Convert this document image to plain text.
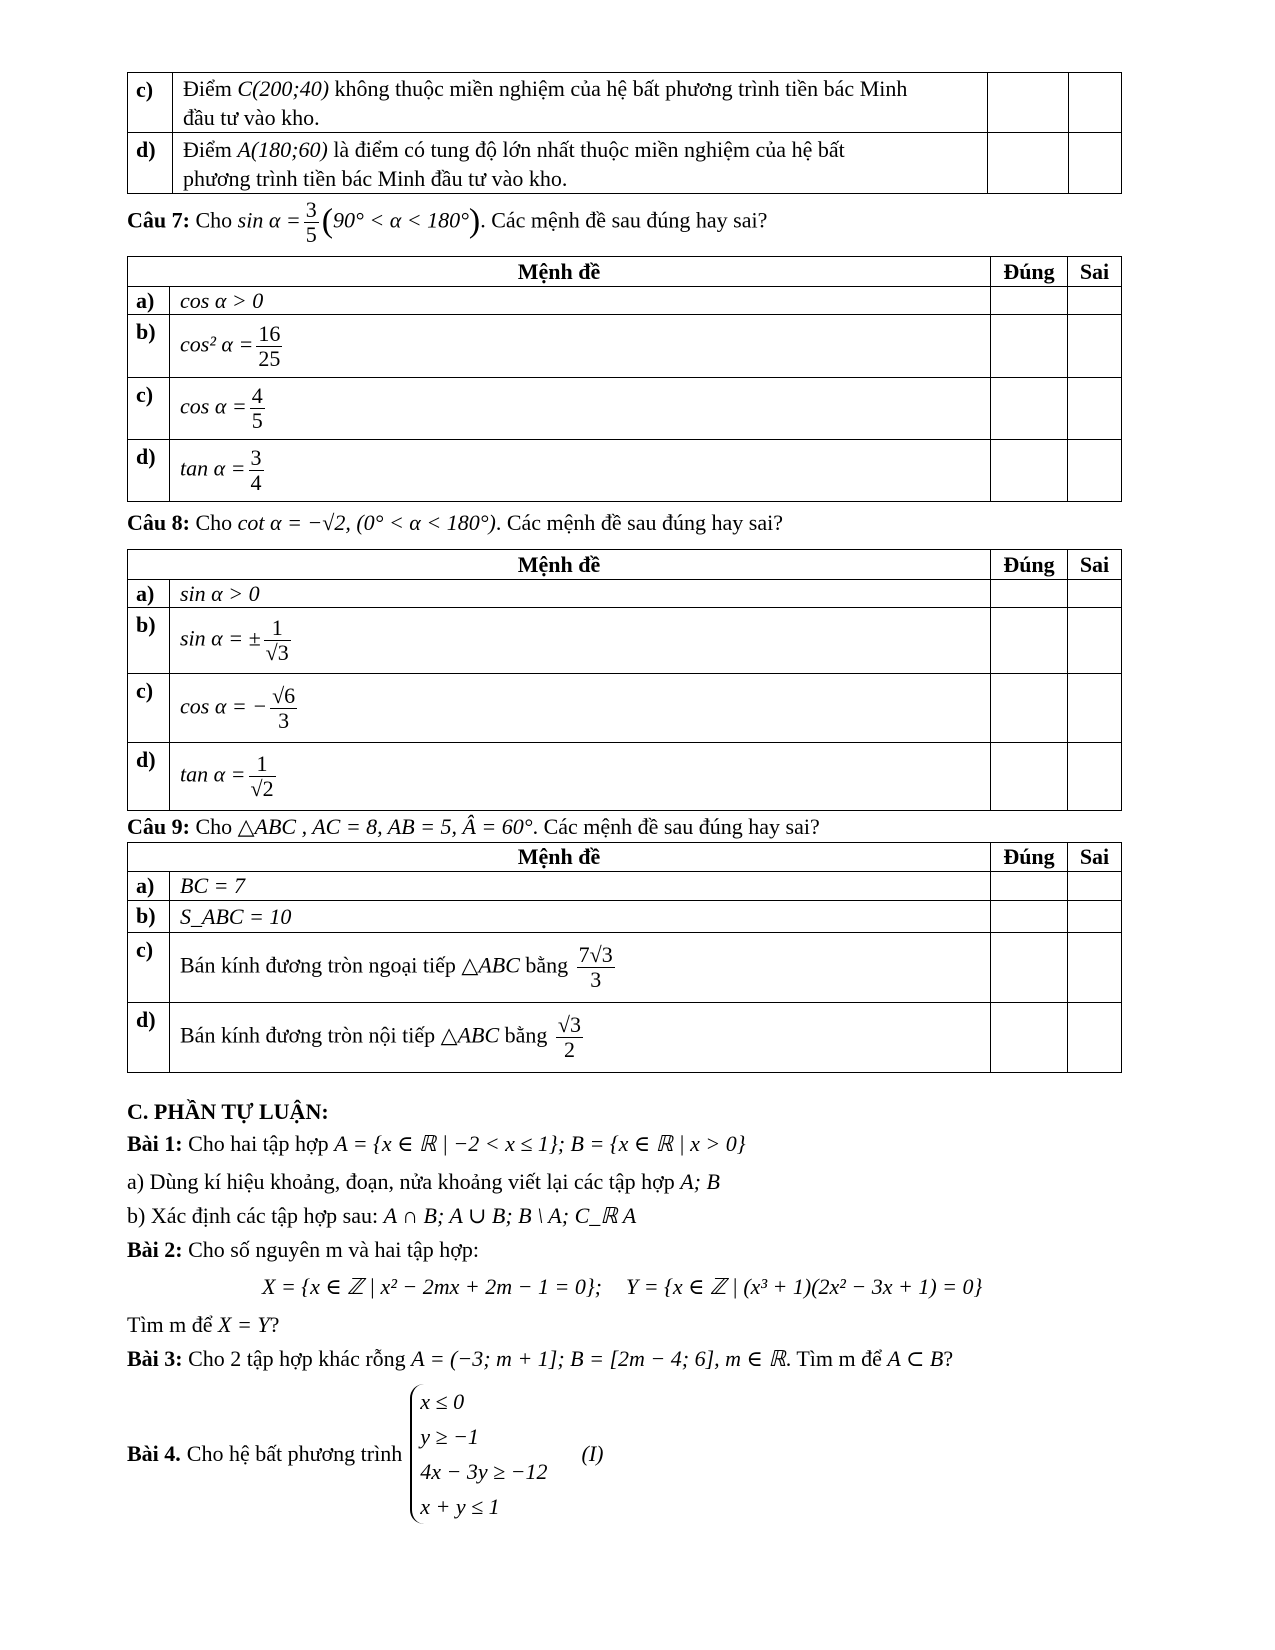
c)	Điểm C(200;40) không thuộc miền nghiệm của hệ bất phương trình tiền bác Minh
đầu tư vào kho.		
d)	Điểm A(180;60) là điểm có tung độ lớn nhất thuộc miền nghiệm của hệ bất
phương trình tiền bác Minh đầu tư vào kho.		
Câu 7: Cho $\sin \alpha = \frac{3}{5} (90^\circ < \alpha < 180^\circ)$. Các mệnh đề sau đúng hay sai?
Mệnh đề		Đúng	Sai
a)	cos α > 0		
b)	cos² $\alpha = \frac{16}{25}$

c)	$\cos \alpha = \frac{4}{5}$

d)	$\tan \alpha = \frac{3}{4}$

Câu 8: Cho cot α = −√2, (0° < α < 180°). Các mệnh đề sau đúng hay sai?
Mệnh đề		Đúng	Sai
a)	sin α > 0		
b)	sin α = ± $\frac{1}{√3}$

c)	cos α = − $\frac{√6}{3}$

d)	$\tan \alpha = \frac{1}{√2}$

Câu 9: Cho △ABC , AC = 8, AB = 5, Â = 60°. Các mệnh đề sau đúng hay sai?
Mệnh đề		Đúng	Sai
a)	BC = 7		
b)	S_ABC = 10		
c)	Bán kính đương tròn ngoại tiếp △ABC bằng $\frac{7√3}{3}$

d)	Bán kính đương tròn nội tiếp △ABC bằng $\frac{√3}{2}$

C. PHẦN TỰ LUẬN:
Bài 1: Cho hai tập hợp A = {x ∈ ℝ | −2 < x ≤ 1}; B = {x ∈ ℝ | x > 0}
a) Dùng kí hiệu khoảng, đoạn, nửa khoảng viết lại các tập hợp A; B
b) Xác định các tập hợp sau: A ∩ B; A ∪ B; B \ A; C_ℝ A
Bài 2: Cho số nguyên m và hai tập hợp:
X = {x ∈ ℤ | x² − 2mx + 2m − 1 = 0}; Y = {x ∈ ℤ | (x³ + 1)(2x² − 3x + 1) = 0}
Tìm m để X = Y?
Bài 3: Cho 2 tập hợp khác rỗng A = (−3; m + 1]; B = [2m − 4; 6], m ∈ ℝ. Tìm m để A ⊂ B?
Bài 4. Cho hệ bất phương trình
x ≤ 0
y ≥ −1
4x − 3y ≥ −12
x + y ≤ 1
(I)
